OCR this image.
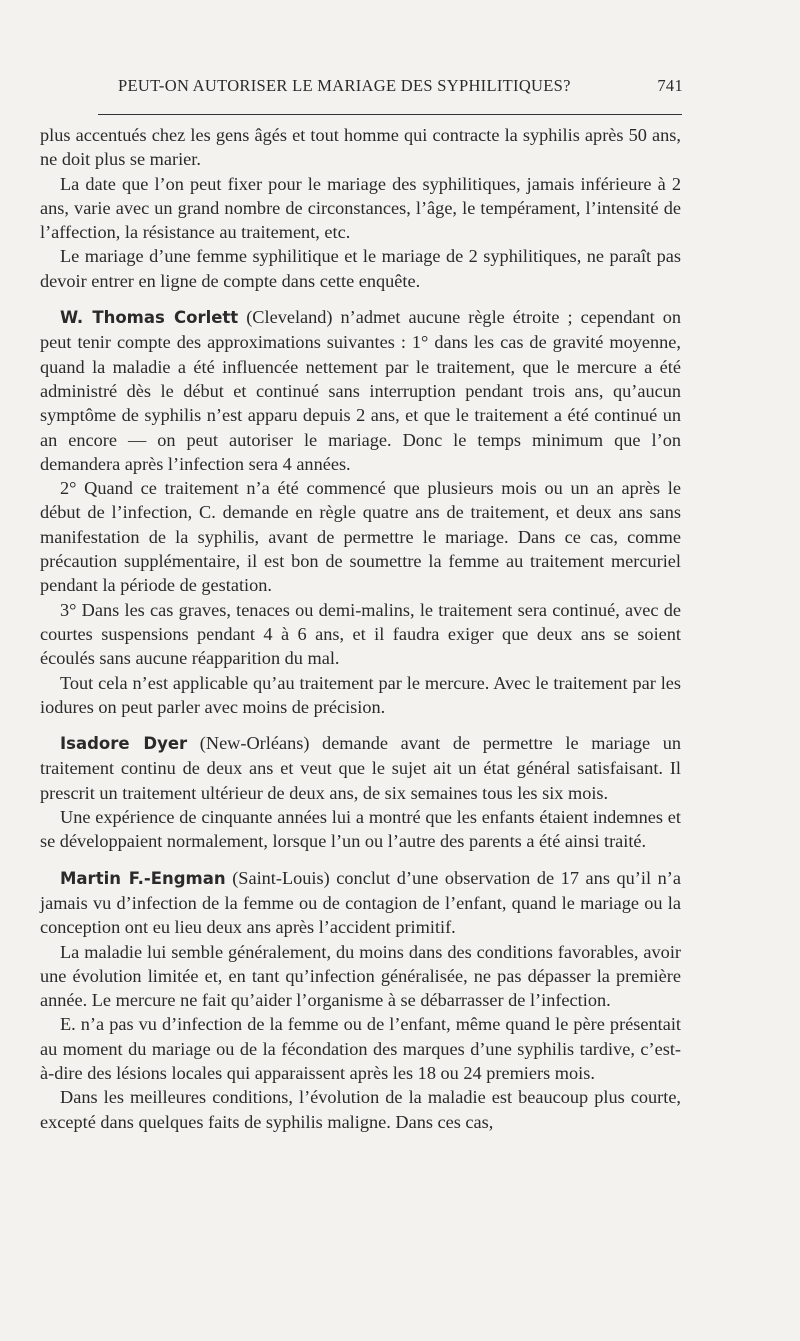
PEUT-ON AUTORISER LE MARIAGE DES SYPHILITIQUES?	741

plus accentués chez les gens âgés et tout homme qui contracte la syphilis après 50 ans, ne doit plus se marier.

La date que l’on peut fixer pour le mariage des syphilitiques, jamais inférieure à 2 ans, varie avec un grand nombre de circonstances, l’âge, le tempérament, l’intensité de l’affection, la résistance au traitement, etc.

Le mariage d’une femme syphilitique et le mariage de 2 syphilitiques, ne paraît pas devoir entrer en ligne de compte dans cette enquête.

W. Thomas Corlett (Cleveland) n’admet aucune règle étroite ; cependant on peut tenir compte des approximations suivantes : 1° dans les cas de gravité moyenne, quand la maladie a été influencée nettement par le traitement, que le mercure a été administré dès le début et continué sans interruption pendant trois ans, qu’aucun symptôme de syphilis n’est apparu depuis 2 ans, et que le traitement a été continué un an encore — on peut autoriser le mariage. Donc le temps minimum que l’on demandera après l’infection sera 4 années.

2° Quand ce traitement n’a été commencé que plusieurs mois ou un an après le début de l’infection, C. demande en règle quatre ans de traitement, et deux ans sans manifestation de la syphilis, avant de permettre le mariage. Dans ce cas, comme précaution supplémentaire, il est bon de soumettre la femme au traitement mercuriel pendant la période de gestation.

3° Dans les cas graves, tenaces ou demi-malins, le traitement sera continué, avec de courtes suspensions pendant 4 à 6 ans, et il faudra exiger que deux ans se soient écoulés sans aucune réapparition du mal.

Tout cela n’est applicable qu’au traitement par le mercure. Avec le traitement par les iodures on peut parler avec moins de précision.

Isadore Dyer (New-Orléans) demande avant de permettre le mariage un traitement continu de deux ans et veut que le sujet ait un état général satisfaisant. Il prescrit un traitement ultérieur de deux ans, de six semaines tous les six mois.

Une expérience de cinquante années lui a montré que les enfants étaient indemnes et se développaient normalement, lorsque l’un ou l’autre des parents a été ainsi traité.

Martin F.-Engman (Saint-Louis) conclut d’une observation de 17 ans qu’il n’a jamais vu d’infection de la femme ou de contagion de l’enfant, quand le mariage ou la conception ont eu lieu deux ans après l’accident primitif.

La maladie lui semble généralement, du moins dans des conditions favorables, avoir une évolution limitée et, en tant qu’infection généralisée, ne pas dépasser la première année. Le mercure ne fait qu’aider l’organisme à se débarrasser de l’infection.

E. n’a pas vu d’infection de la femme ou de l’enfant, même quand le père présentait au moment du mariage ou de la fécondation des marques d’une syphilis tardive, c’est-à-dire des lésions locales qui apparaissent après les 18 ou 24 premiers mois.

Dans les meilleures conditions, l’évolution de la maladie est beaucoup plus courte, excepté dans quelques faits de syphilis maligne. Dans ces cas,
